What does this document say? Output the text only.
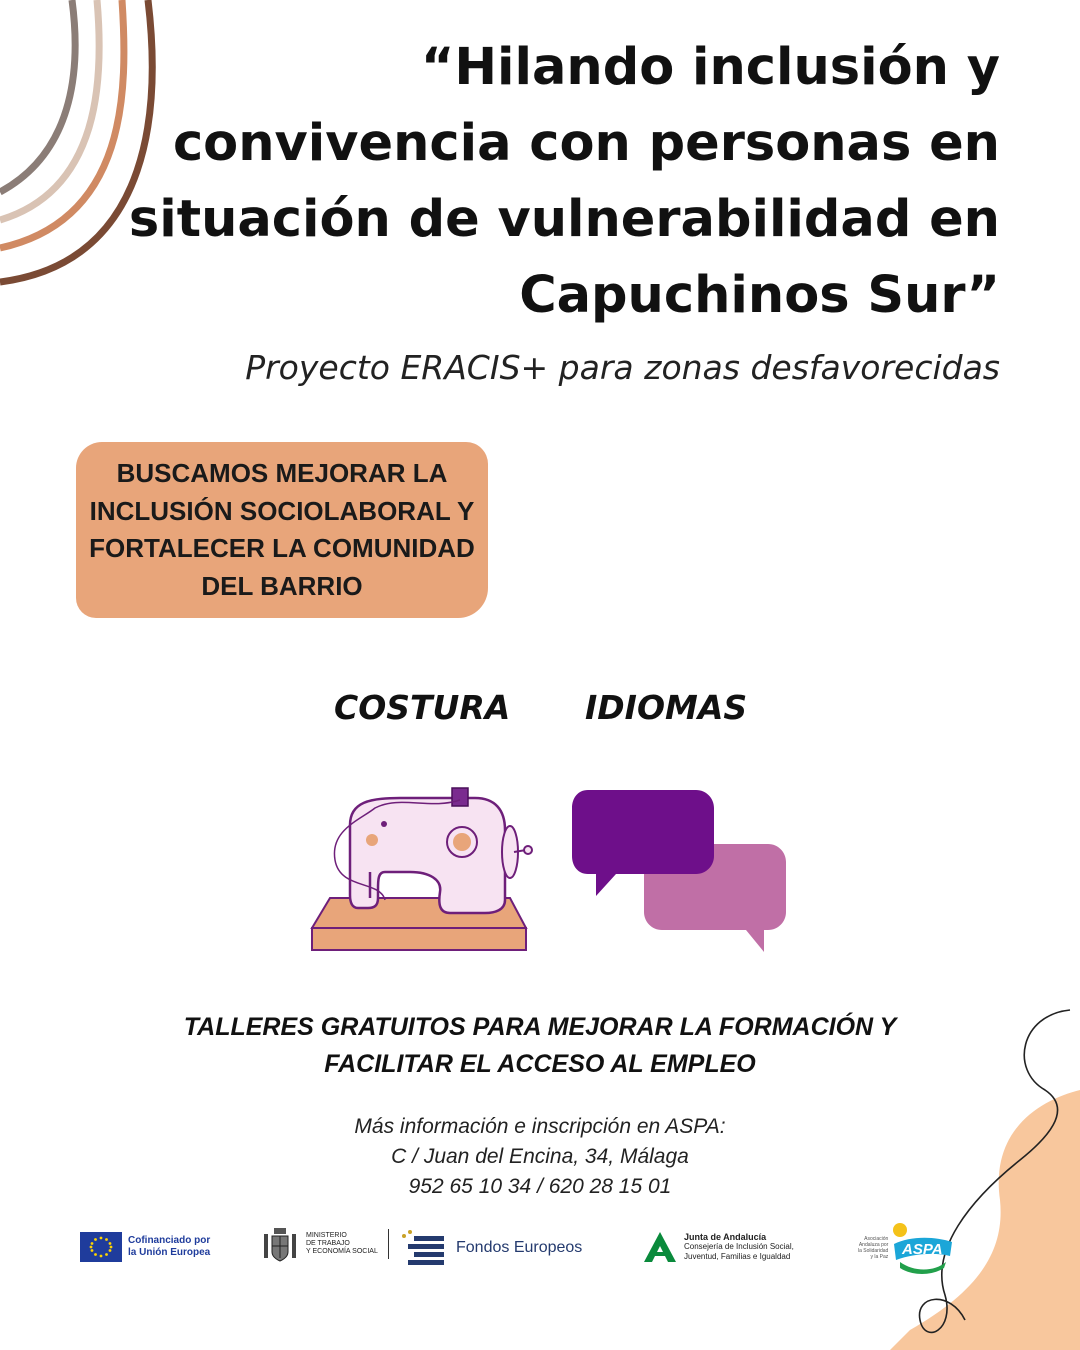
“Hilando inclusión y
convivencia con personas en
situación de vulnerabilidad en
Capuchinos Sur”

Proyecto ERACIS+ para zonas desfavorecidas

BUSCAMOS MEJORAR LA
INCLUSIÓN SOCIOLABORAL Y
FORTALECER LA COMUNIDAD
DEL BARRIO
COSTURA IDIOMAS
TALLERES GRATUITOS PARA MEJORAR LA FORMACIÓN Y
FACILITAR EL ACCESO AL EMPLEO
Más información e inscripción en ASPA:
C / Juan del Encina, 34, Málaga
952 65 10 34 / 620 28 15 01
Cofinanciado por
la Unión Europea
MINISTERIO
DE TRABAJO
Y ECONOMÍA SOCIAL	Fondos Europeos
Junta de Andalucía
Consejería de Inclusión Social,
Juventud, Familias e Igualdad
Asociación
Andaluza por
la Solidaridad
y la Paz ASPA
